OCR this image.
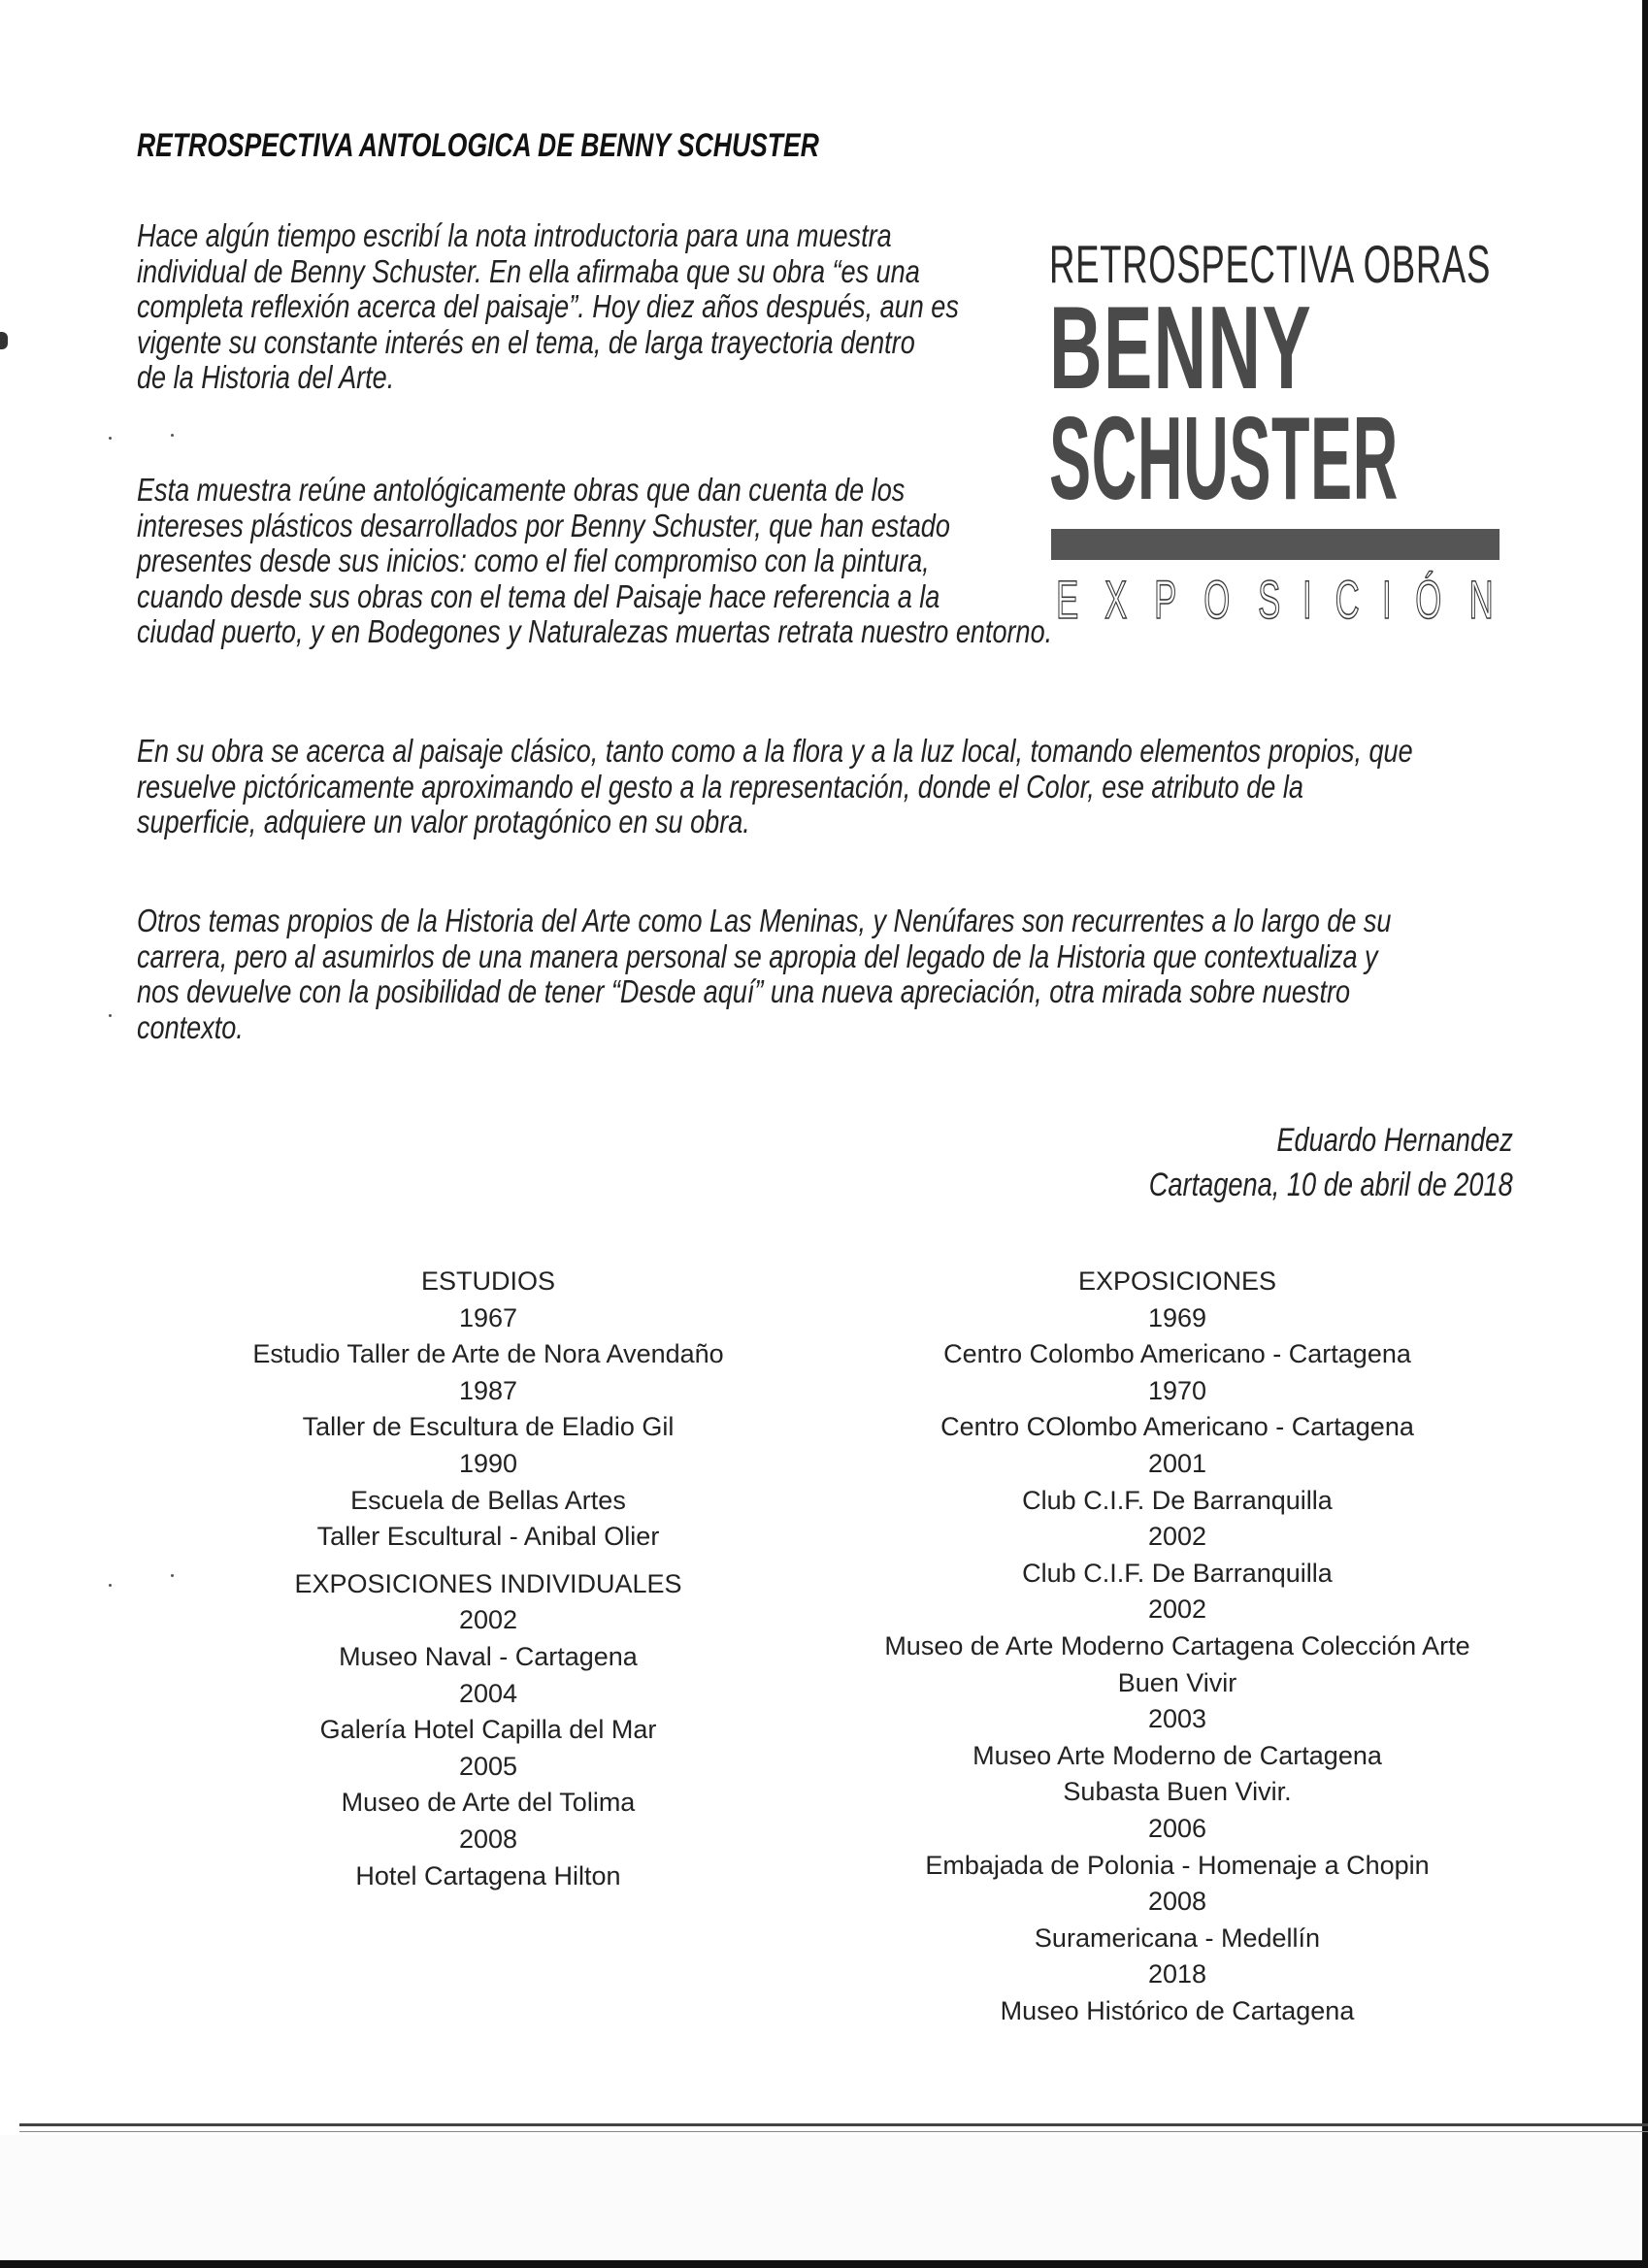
RETROSPECTIVA ANTOLOGICA DE BENNY SCHUSTER
RETROSPECTIVA OBRAS
BENNY
SCHUSTER
E X P O S I C I Ó N
Hace algún tiempo escribí la nota introductoria para una muestra
individual de Benny Schuster. En ella afirmaba que su obra “es una
completa reflexión acerca del paisaje”. Hoy diez años después, aun es
vigente su constante interés en el tema, de larga trayectoria dentro
de la Historia del Arte.
Esta muestra reúne antológicamente obras que dan cuenta de los
intereses plásticos desarrollados por Benny Schuster, que han estado
presentes desde sus inicios: como el fiel compromiso con la pintura,
cuando desde sus obras con el tema del Paisaje hace referencia a la
ciudad puerto, y en Bodegones y Naturalezas muertas retrata nuestro entorno.
En su obra se acerca al paisaje clásico, tanto como a la flora y a la luz local, tomando elementos propios, que
resuelve pictóricamente aproximando el gesto a la representación, donde el Color, ese atributo de la
superficie, adquiere un valor protagónico en su obra.
Otros temas propios de la Historia del Arte como Las Meninas, y Nenúfares son recurrentes a lo largo de su
carrera, pero al asumirlos de una manera personal se apropia del legado de la Historia que contextualiza y
nos devuelve con la posibilidad de tener “Desde aquí” una nueva apreciación, otra mirada sobre nuestro
contexto.
Eduardo Hernandez
Cartagena, 10 de abril de 2018
ESTUDIOS
1967
Estudio Taller de Arte de Nora Avendaño
1987
Taller de Escultura de Eladio Gil
1990
Escuela de Bellas Artes
Taller Escultural - Anibal Olier
EXPOSICIONES INDIVIDUALES
2002
Museo Naval - Cartagena
2004
Galería Hotel Capilla del Mar
2005
Museo de Arte del Tolima
2008
Hotel Cartagena Hilton
EXPOSICIONES
1969
Centro Colombo Americano - Cartagena
1970
Centro COlombo Americano - Cartagena
2001
Club C.I.F. De Barranquilla
2002
Club C.I.F. De Barranquilla
2002
Museo de Arte Moderno Cartagena Colección Arte
Buen Vivir
2003
Museo Arte Moderno de Cartagena
Subasta Buen Vivir.
2006
Embajada de Polonia - Homenaje a Chopin
2008
Suramericana - Medellín
2018
Museo Histórico de Cartagena
